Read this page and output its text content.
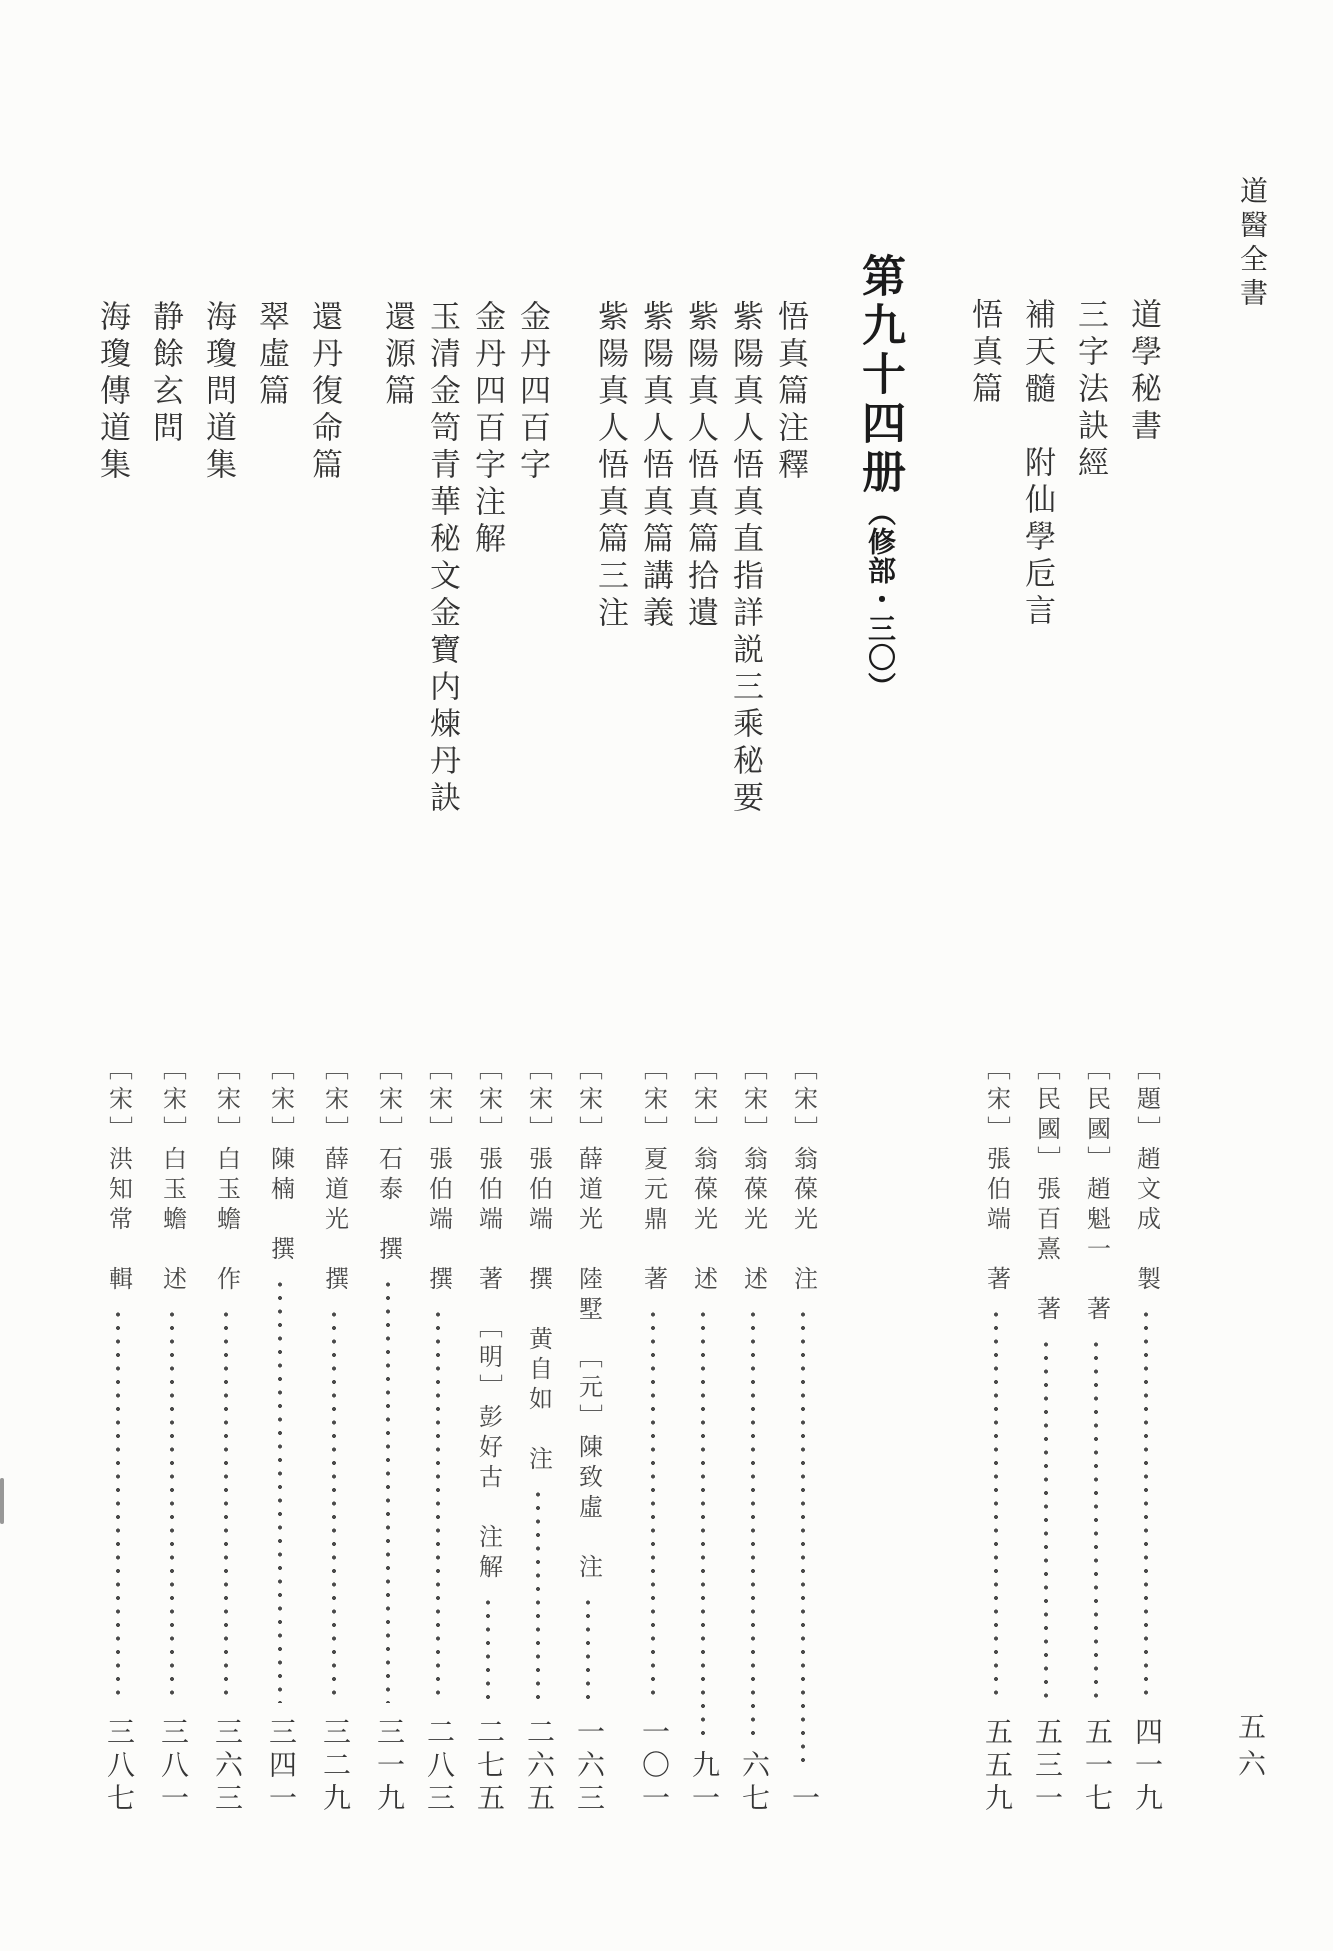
道醫全書
道學秘書
三字法訣經
補天髓　附仙學卮言
悟真篇
第九十四册（修部・三〇）
悟真篇注釋
紫陽真人悟真直指詳説三乘秘要
紫陽真人悟真篇拾遺
紫陽真人悟真篇講義
紫陽真人悟真篇三注
金丹四百字
金丹四百字注解
玉清金笥青華秘文金寶内煉丹訣
還源篇
還丹復命篇
翠虛篇
海瓊問道集
静餘玄問
海瓊傳道集
［題］趙文成　製
四一九
［民國］趙魁一　著
五一七
［民國］張百熹　著
五三一
［宋］張伯端　著
五五九
［宋］翁葆光　注
一
［宋］翁葆光　述
六七
［宋］翁葆光　述
九一
［宋］夏元鼎　著
一〇一
［宋］薛道光　陸墅　［元］陳致虛　注
一六三
［宋］張伯端　撰　黄自如　注
二六五
［宋］張伯端　著　［明］彭好古　注解
二七五
［宋］張伯端　撰
二八三
［宋］石泰　撰
三一九
［宋］薛道光　撰
三二九
［宋］陳楠　撰
三四一
［宋］白玉蟾　作
三六三
［宋］白玉蟾　述
三八一
［宋］洪知常　輯
三八七	五六
